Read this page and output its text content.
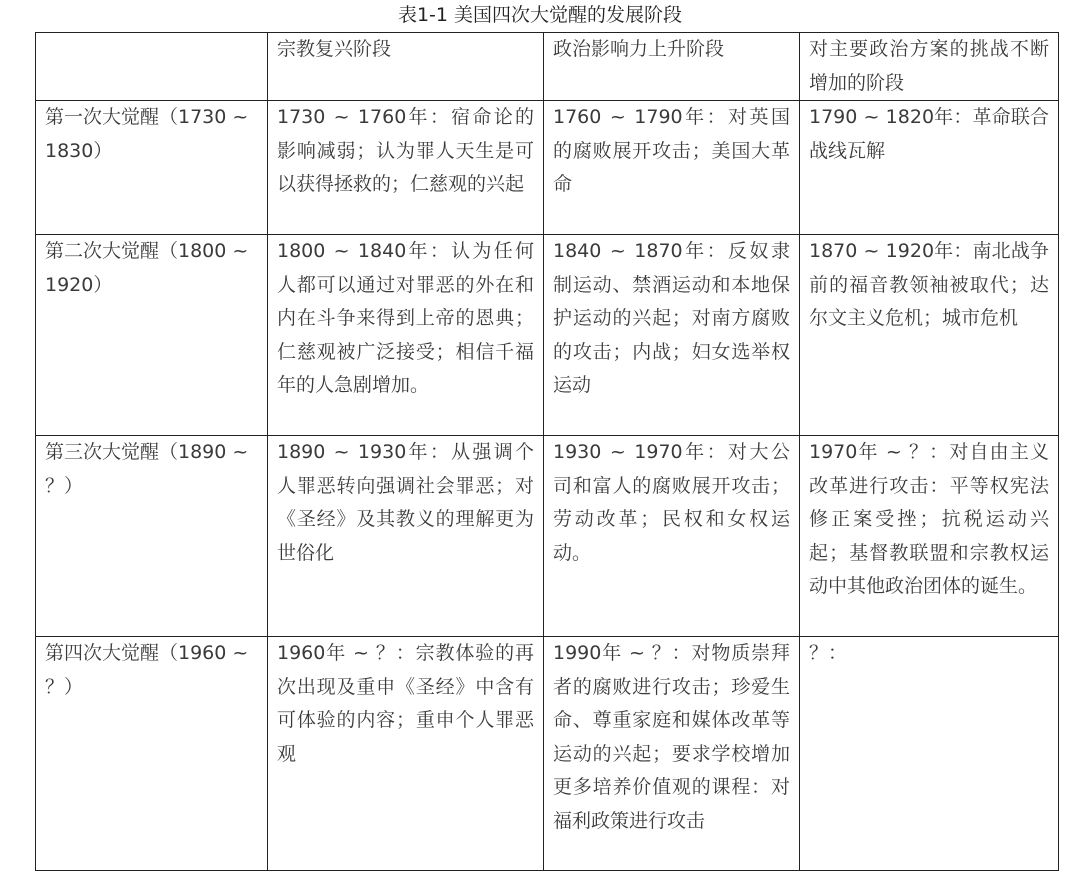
表1-1 美国四次大觉醒的发展阶段
	宗教复兴阶段	政治影响力上升阶段	对主要政治方案的挑战不断增加的阶段
第一次大觉醒（1730 ~ 1830）	1730 ~ 1760年：宿命论的影响减弱；认为罪人天生是可以获得拯救的；仁慈观的兴起	1760 ~ 1790年：对英国的腐败展开攻击；美国大革命	1790 ~ 1820年：革命联合战线瓦解
第二次大觉醒（1800 ~ 1920）	1800 ~ 1840年：认为任何人都可以通过对罪恶的外在和内在斗争来得到上帝的恩典；仁慈观被广泛接受；相信千福年的人急剧增加。	1840 ~ 1870年：反奴隶制运动、禁酒运动和本地保护运动的兴起；对南方腐败的攻击；内战；妇女选举权运动	1870 ~ 1920年：南北战争前的福音教领袖被取代；达尔文主义危机；城市危机
第三次大觉醒（1890 ~ ？）	1890 ~ 1930年：从强调个人罪恶转向强调社会罪恶；对《圣经》及其教义的理解更为世俗化	1930 ~ 1970年：对大公司和富人的腐败展开攻击；劳动改革；民权和女权运动。	1970年 ~ ？：对自由主义改革进行攻击：平等权宪法修正案受挫；抗税运动兴起；基督教联盟和宗教权运动中其他政治团体的诞生。
第四次大觉醒（1960 ~ ？）	1960年 ~ ？：宗教体验的再次出现及重申《圣经》中含有可体验的内容；重申个人罪恶观	1990年 ~ ？：对物质崇拜者的腐败进行攻击；珍爱生命、尊重家庭和媒体改革等运动的兴起；要求学校增加更多培养价值观的课程：对福利政策进行攻击	？：
